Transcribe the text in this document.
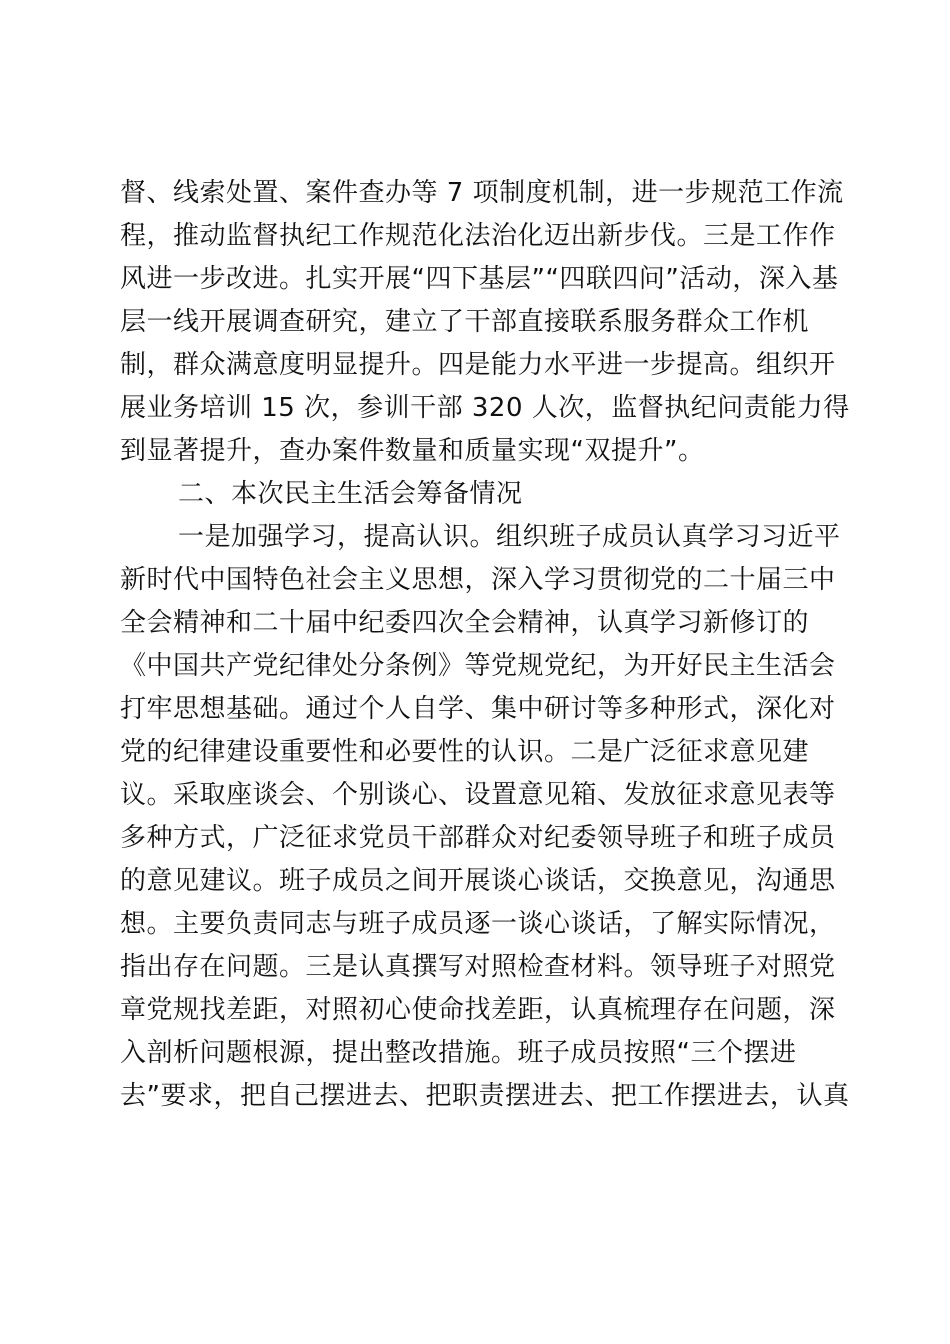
督、线索处置、案件查办等 7 项制度机制，进一步规范工作流
程，推动监督执纪工作规范化法治化迈出新步伐。三是工作作
风进一步改进。扎实开展“四下基层”“四联四问”活动，深入基
层一线开展调查研究，建立了干部直接联系服务群众工作机
制，群众满意度明显提升。四是能力水平进一步提高。组织开
展业务培训 15 次，参训干部 320 人次，监督执纪问责能力得
到显著提升，查办案件数量和质量实现“双提升”。
二、本次民主生活会筹备情况
一是加强学习，提高认识。组织班子成员认真学习习近平
新时代中国特色社会主义思想，深入学习贯彻党的二十届三中
全会精神和二十届中纪委四次全会精神，认真学习新修订的
《中国共产党纪律处分条例》等党规党纪，为开好民主生活会
打牢思想基础。通过个人自学、集中研讨等多种形式，深化对
党的纪律建设重要性和必要性的认识。二是广泛征求意见建
议。采取座谈会、个别谈心、设置意见箱、发放征求意见表等
多种方式，广泛征求党员干部群众对纪委领导班子和班子成员
的意见建议。班子成员之间开展谈心谈话，交换意见，沟通思
想。主要负责同志与班子成员逐一谈心谈话，了解实际情况，
指出存在问题。三是认真撰写对照检查材料。领导班子对照党
章党规找差距，对照初心使命找差距，认真梳理存在问题，深
入剖析问题根源，提出整改措施。班子成员按照“三个摆进
去”要求，把自己摆进去、把职责摆进去、把工作摆进去，认真
